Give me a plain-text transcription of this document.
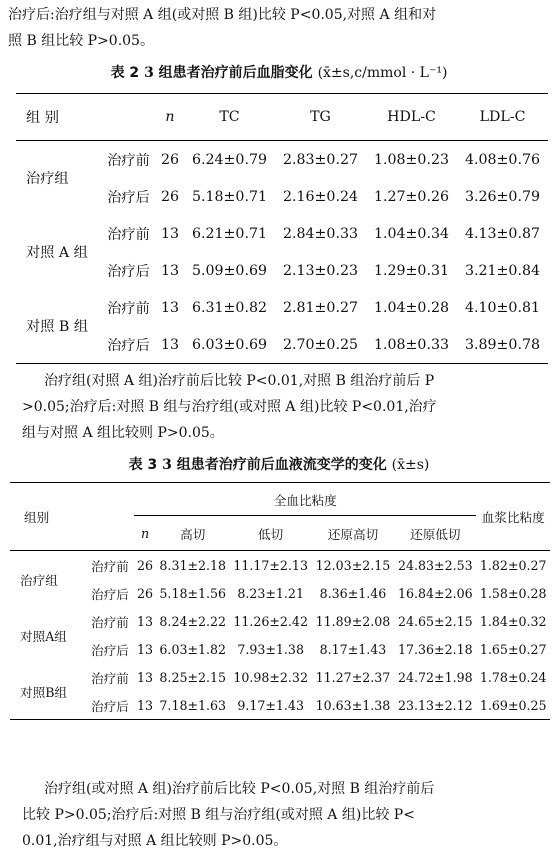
治疗后:治疗组与对照 A 组(或对照 B 组)比较 P<0.05,对照 A 组和对
照 B 组比较 P>0.05。
表 2 3 组患者治疗前后血脂变化 (x̄±s,c/mmol · L⁻¹)
组 别		n	TC	TG	HDL-C	LDL-C
治疗组	治疗前	26	6.24±0.79	2.83±0.27	1.08±0.23	4.08±0.76
	治疗后	26	5.18±0.71	2.16±0.24	1.27±0.26	3.26±0.79
对照 A 组	治疗前	13	6.21±0.71	2.84±0.33	1.04±0.34	4.13±0.87
	治疗后	13	5.09±0.69	2.13±0.23	1.29±0.31	3.21±0.84
对照 B 组	治疗前	13	6.31±0.82	2.81±0.27	1.04±0.28	4.10±0.81
	治疗后	13	6.03±0.69	2.70±0.25	1.08±0.33	3.89±0.78
治疗组(对照 A 组)治疗前后比较 P<0.01,对照 B 组治疗前后 P
>0.05;治疗后:对照 B 组与治疗组(或对照 A 组)比较 P<0.01,治疗
组与对照 A 组比较则 P>0.05。
表 3 3 组患者治疗前后血液流变学的变化 (x̄±s)
组别		全血比粘度					血浆比粘度
		n	高切	低切	还原高切	还原低切	
治疗组	治疗前	26	8.31±2.18	11.17±2.13	12.03±2.15	24.83±2.53	1.82±0.27
	治疗后	26	5.18±1.56	8.23±1.21	8.36±1.46	16.84±2.06	1.58±0.28
对照A组	治疗前	13	8.24±2.22	11.26±2.42	11.89±2.08	24.65±2.15	1.84±0.32
	治疗后	13	6.03±1.82	7.93±1.38	8.17±1.43	17.36±2.18	1.65±0.27
对照B组	治疗前	13	8.25±2.15	10.98±2.32	11.27±2.37	24.72±1.98	1.78±0.24
	治疗后	13	7.18±1.63	9.17±1.43	10.63±1.38	23.13±2.12	1.69±0.25
治疗组(或对照 A 组)治疗前后比较 P<0.05,对照 B 组治疗前后
比较 P>0.05;治疗后:对照 B 组与治疗组(或对照 A 组)比较 P<
0.01,治疗组与对照 A 组比较则 P>0.05。
